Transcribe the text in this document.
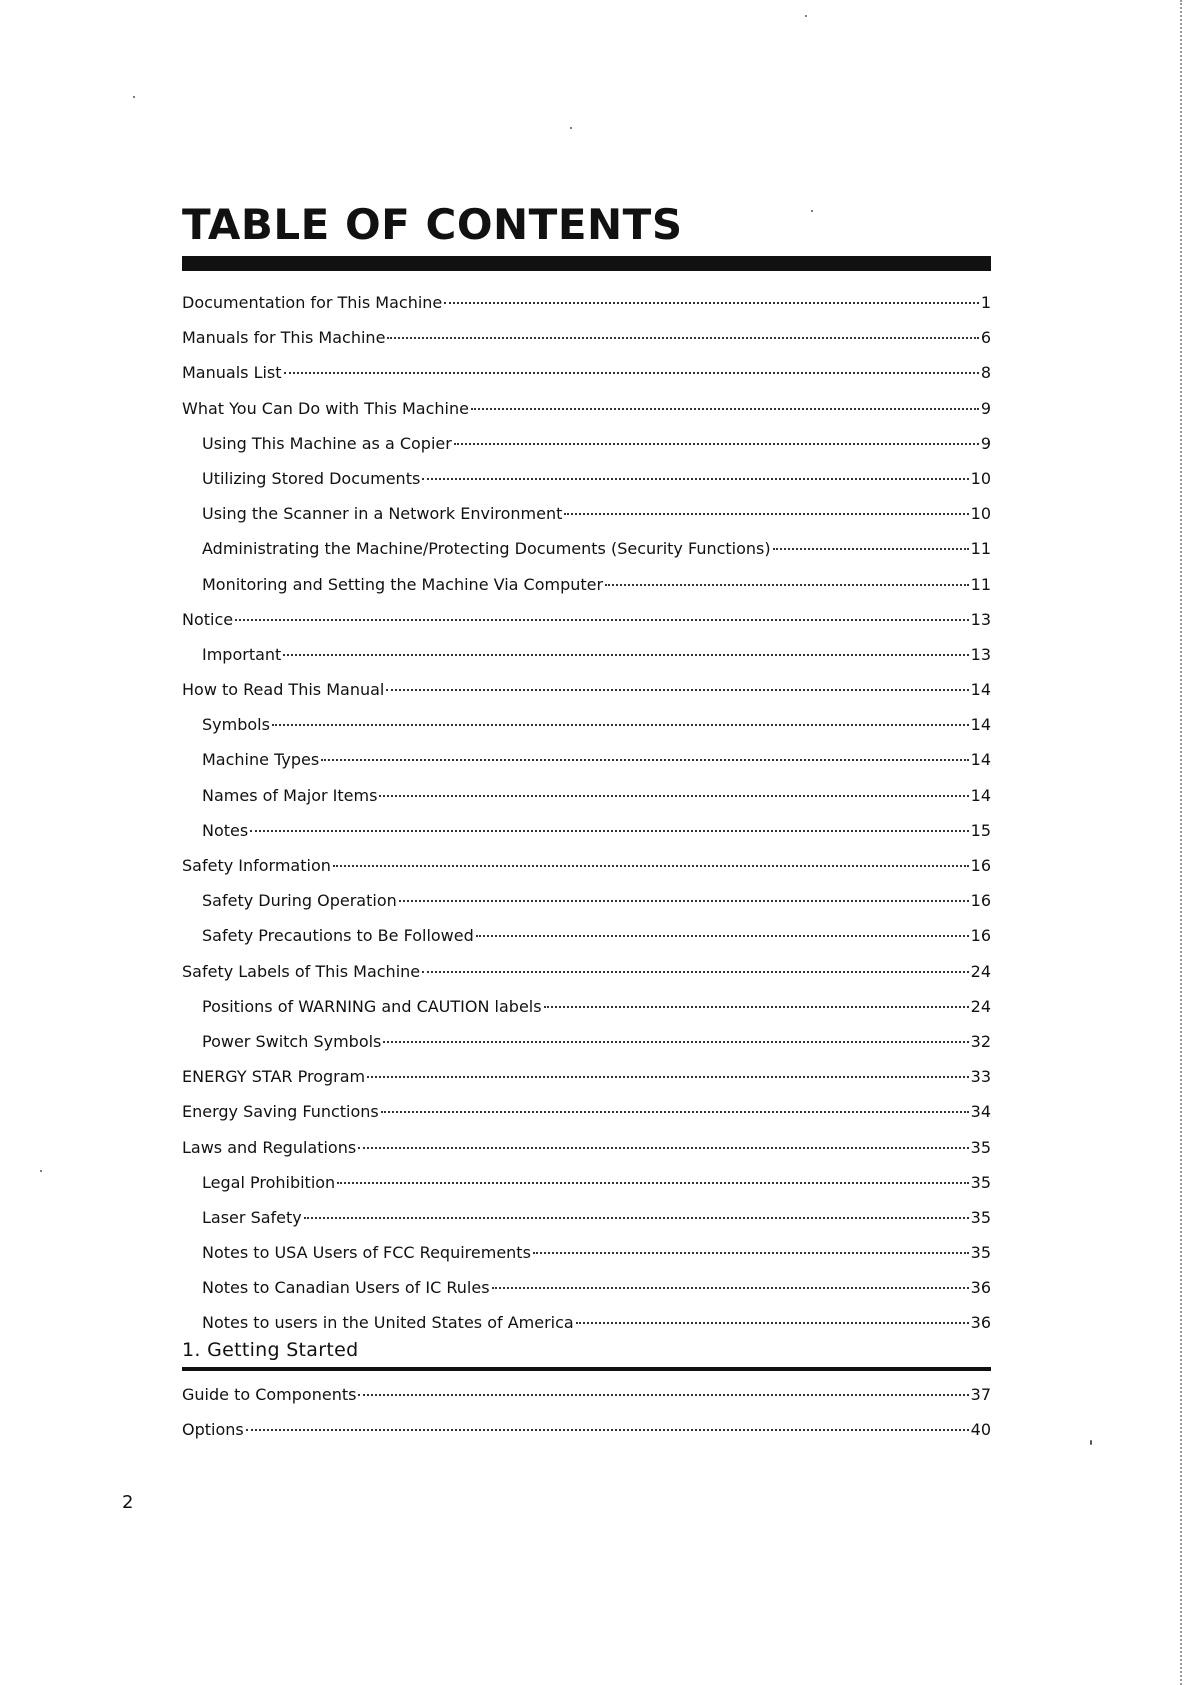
TABLE OF CONTENTS
Documentation for This Machine	1
Manuals for This Machine	6
Manuals List	8
What You Can Do with This Machine	9
Using This Machine as a Copier	9
Utilizing Stored Documents	10
Using the Scanner in a Network Environment	10
Administrating the Machine/Protecting Documents (Security Functions)	11
Monitoring and Setting the Machine Via Computer	11
Notice	13
Important	13
How to Read This Manual	14
Symbols	14
Machine Types	14
Names of Major Items	14
Notes	15
Safety Information	16
Safety During Operation	16
Safety Precautions to Be Followed	16
Safety Labels of This Machine	24
Positions of WARNING and CAUTION labels	24
Power Switch Symbols	32
ENERGY STAR Program	33
Energy Saving Functions	34
Laws and Regulations	35
Legal Prohibition	35
Laser Safety	35
Notes to USA Users of FCC Requirements	35
Notes to Canadian Users of IC Rules	36
Notes to users in the United States of America	36
1. Getting Started
Guide to Components	37
Options	40
2
